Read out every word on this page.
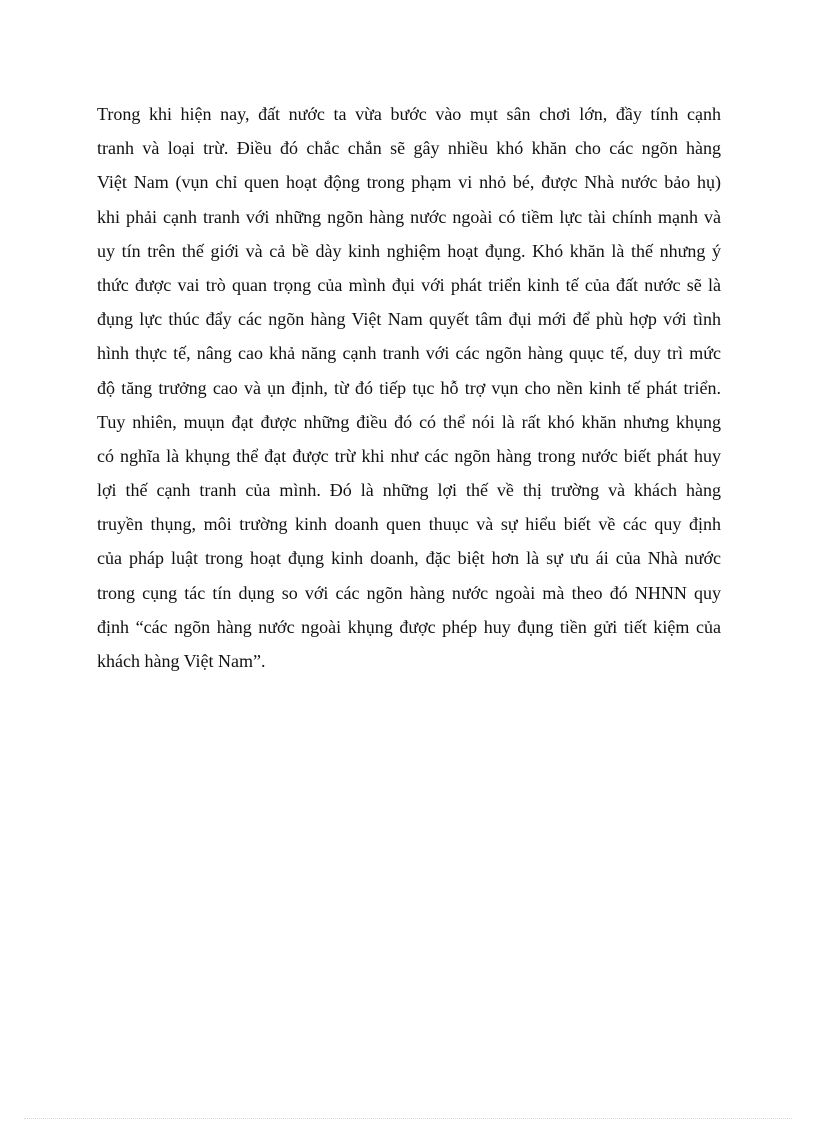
Trong khi hiện nay, đất nước ta vừa bước vào mụt sân chơi lớn, đầy tính cạnh
tranh và loại trừ. Điều đó chắc chắn sẽ gây nhiều khó khăn cho các ngõn hàng
Việt Nam (vụn chỉ quen hoạt động trong phạm vi nhỏ bé, được Nhà nước bảo hụ)
khi phải cạnh tranh với những ngõn hàng nước ngoài có tiềm lực tài chính mạnh và
uy tín trên thế giới và cả bề dày kinh nghiệm hoạt đụng. Khó khăn là thế nhưng ý
thức được vai trò quan trọng của mình đụi với phát triển kinh tế của đất nước sẽ là
đụng lực thúc đẩy các ngõn hàng Việt Nam quyết tâm đụi mới để phù hợp với tình
hình thực tế, nâng cao khả năng cạnh tranh với các ngõn hàng quục tế, duy trì mức
độ tăng trưởng cao và ụn định, từ đó tiếp tục hỗ trợ vụn cho nền kinh tế phát triển.
Tuy nhiên, muụn đạt được những điều đó có thể nói là rất khó khăn nhưng khụng
có nghĩa là khụng thể đạt được trừ khi như các ngõn hàng trong nước biết phát huy
lợi thế cạnh tranh của mình. Đó là những lợi thế về thị trường và khách hàng
truyền thụng, môi trường kinh doanh quen thuục và sự hiểu biết về các quy định
của pháp luật trong hoạt đụng kinh doanh, đặc biệt hơn là sự ưu ái của Nhà nước
trong cụng tác tín dụng so với các ngõn hàng nước ngoài mà theo đó NHNN quy
định “các ngõn hàng nước ngoài khụng được phép huy đụng tiền gửi tiết kiệm của
khách hàng Việt Nam”.
